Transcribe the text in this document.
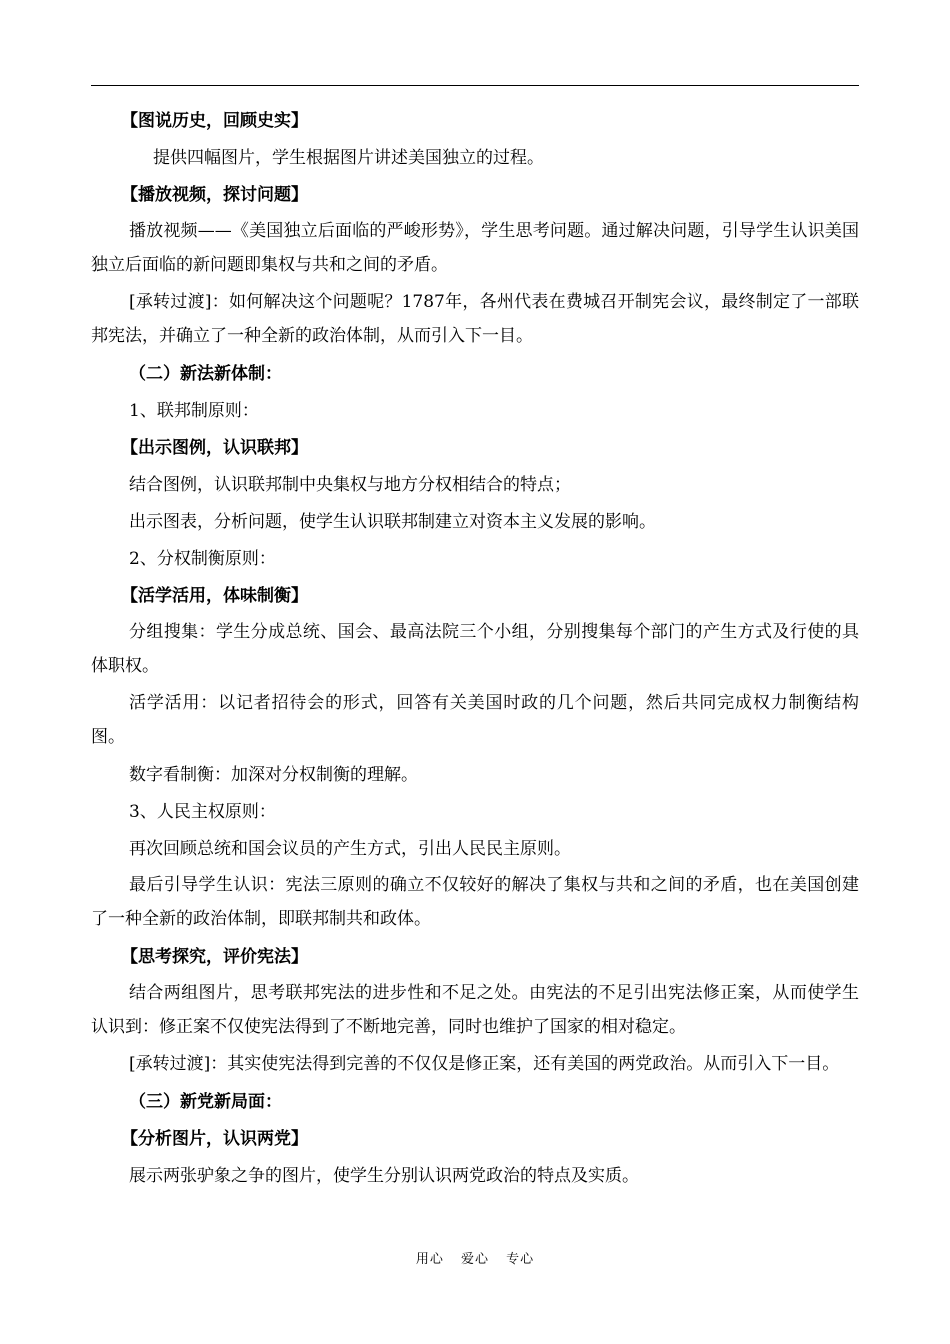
【图说历史，回顾史实】

提供四幅图片，学生根据图片讲述美国独立的过程。

【播放视频，探讨问题】

播放视频——《美国独立后面临的严峻形势》，学生思考问题。通过解决问题，引导学生认识美国独立后面临的新问题即集权与共和之间的矛盾。

[承转过渡]：如何解决这个问题呢？1787年，各州代表在费城召开制宪会议，最终制定了一部联邦宪法，并确立了一种全新的政治体制，从而引入下一目。

（二）新法新体制：

1、联邦制原则：

【出示图例，认识联邦】

结合图例，认识联邦制中央集权与地方分权相结合的特点；

出示图表，分析问题，使学生认识联邦制建立对资本主义发展的影响。

2、分权制衡原则：

【活学活用，体味制衡】

分组搜集：学生分成总统、国会、最高法院三个小组，分别搜集每个部门的产生方式及行使的具体职权。

活学活用：以记者招待会的形式，回答有关美国时政的几个问题，然后共同完成权力制衡结构图。

数字看制衡：加深对分权制衡的理解。

3、人民主权原则：

再次回顾总统和国会议员的产生方式，引出人民民主原则。

最后引导学生认识：宪法三原则的确立不仅较好的解决了集权与共和之间的矛盾，也在美国创建了一种全新的政治体制，即联邦制共和政体。

【思考探究，评价宪法】

结合两组图片，思考联邦宪法的进步性和不足之处。由宪法的不足引出宪法修正案，从而使学生认识到：修正案不仅使宪法得到了不断地完善，同时也维护了国家的相对稳定。

[承转过渡]：其实使宪法得到完善的不仅仅是修正案，还有美国的两党政治。从而引入下一目。

（三）新党新局面：

【分析图片，认识两党】

展示两张驴象之争的图片，使学生分别认识两党政治的特点及实质。

用心 爱心 专心
